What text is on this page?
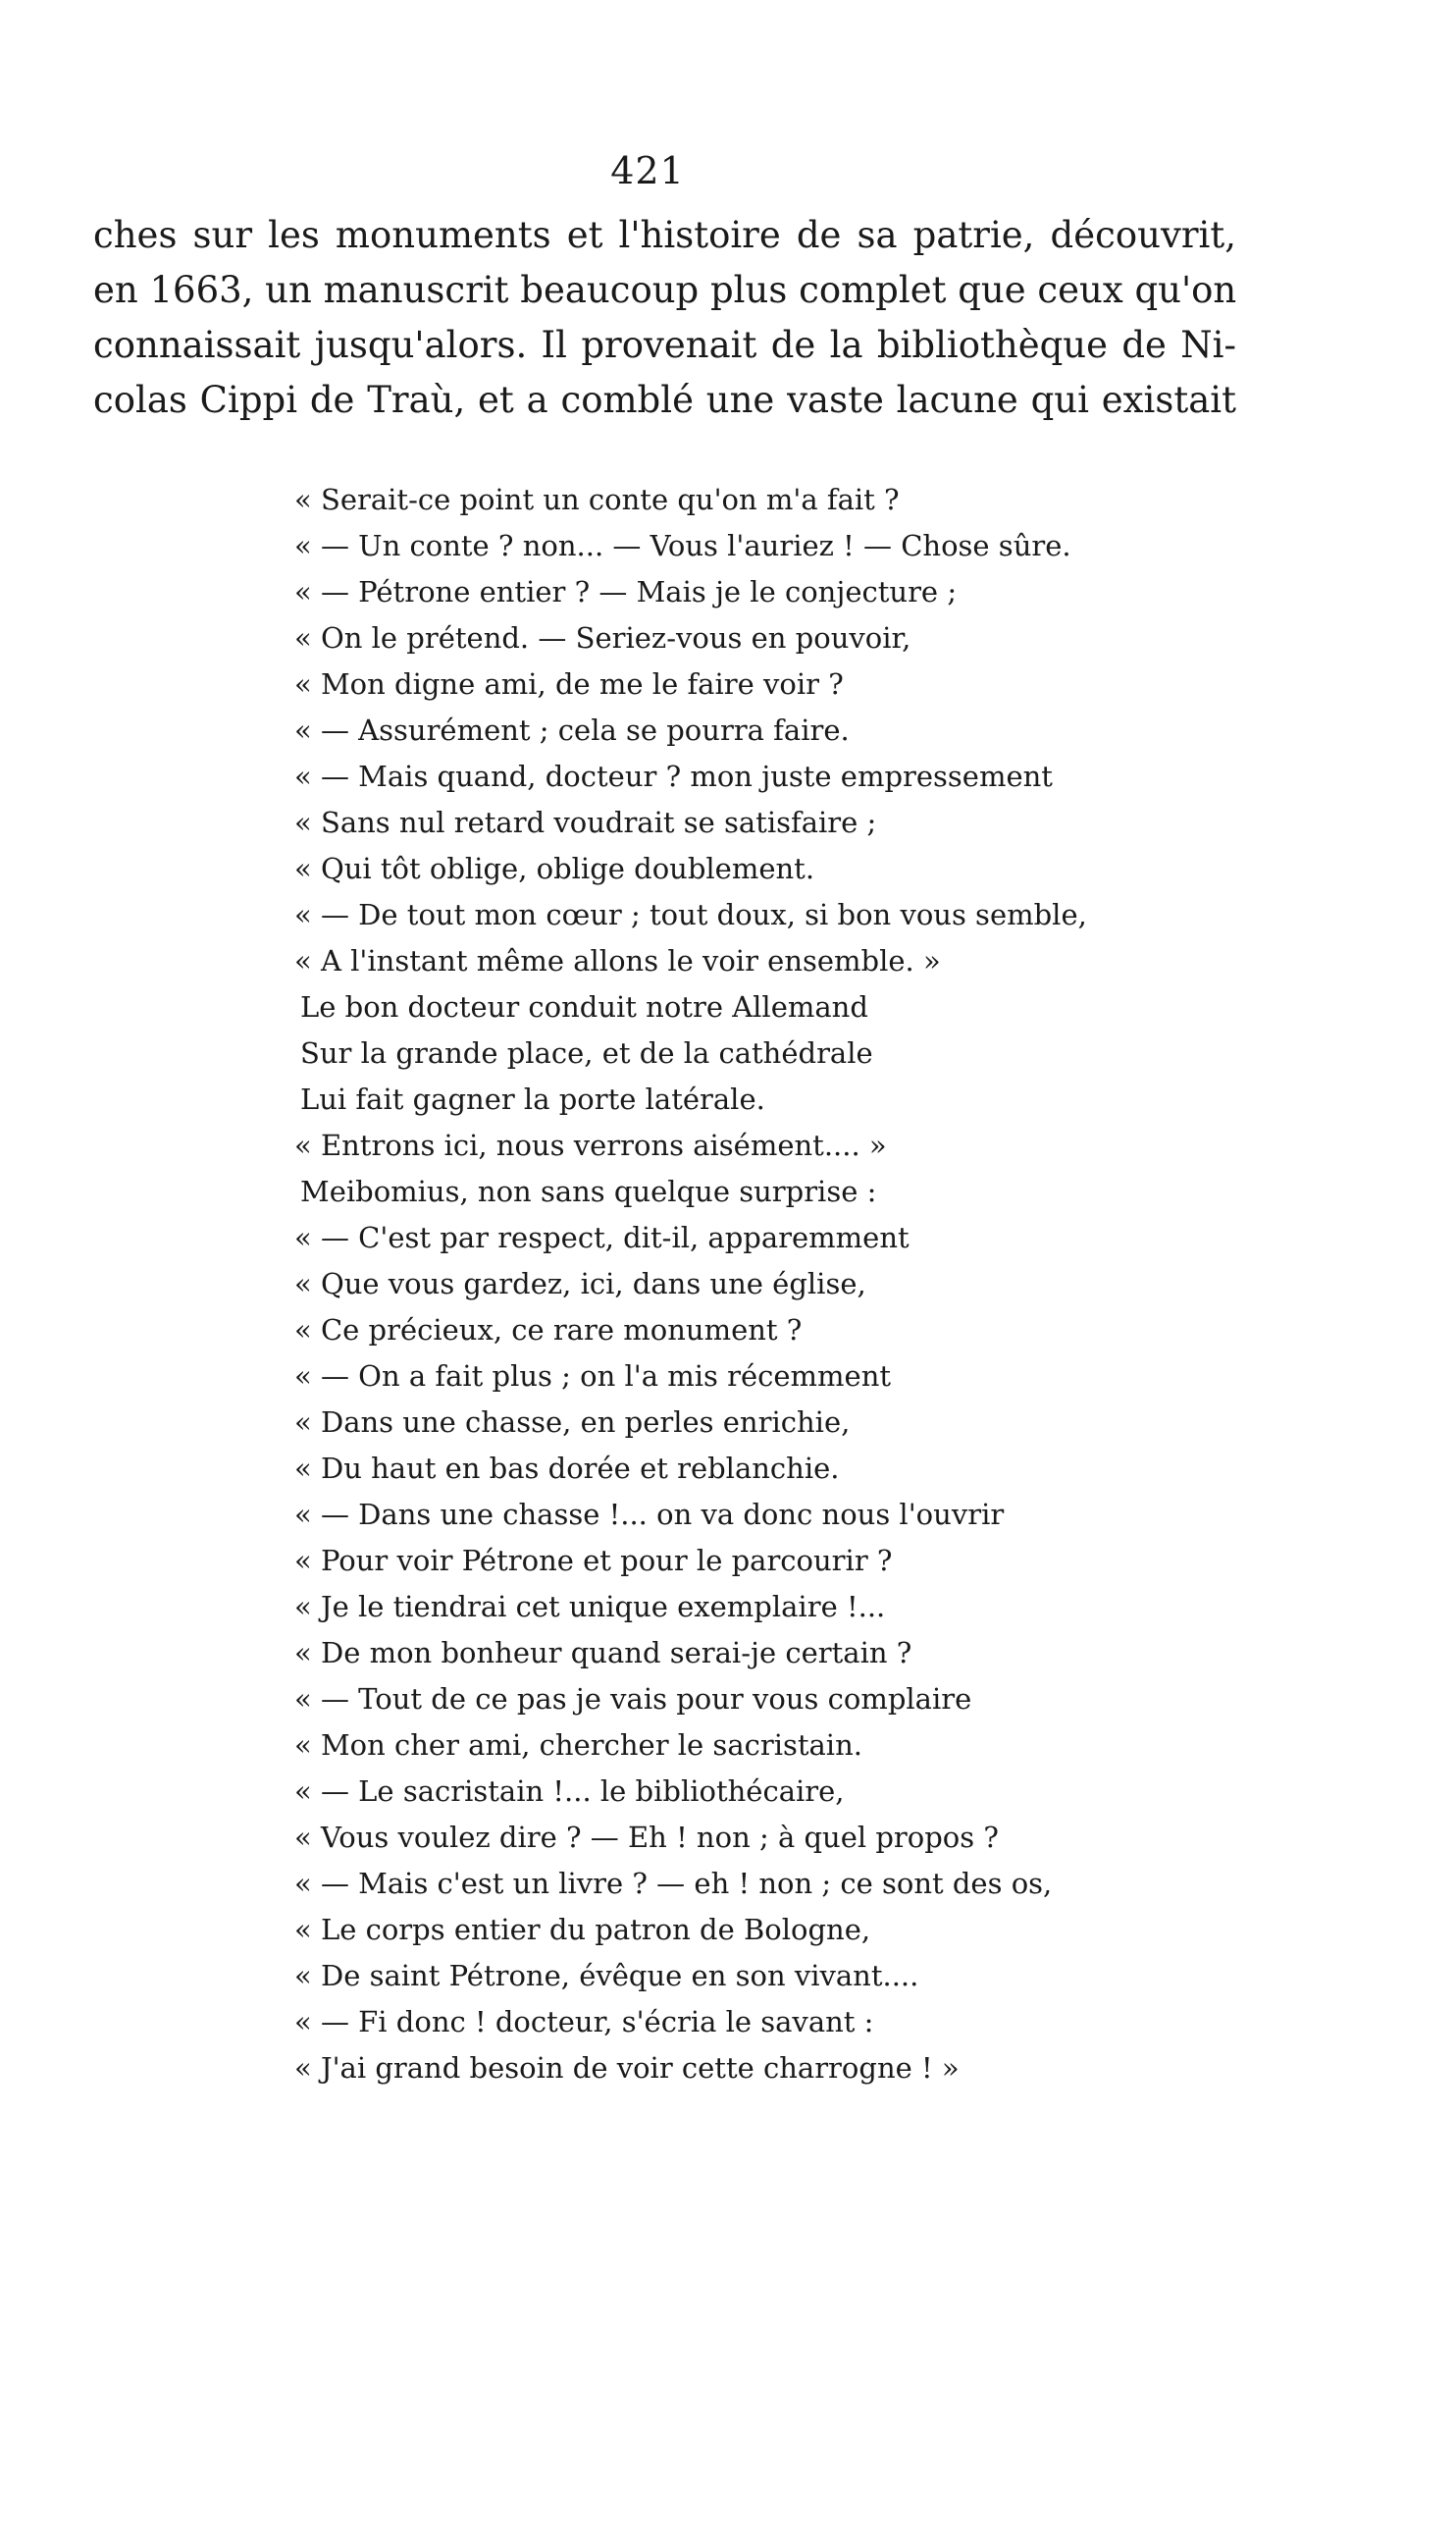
421
ches sur les monuments et l'histoire de sa patrie, découvrit,
en 1663, un manuscrit beaucoup plus complet que ceux qu'on
connaissait jusqu'alors. Il provenait de la bibliothèque de Ni-
colas Cippi de Traù, et a comblé une vaste lacune qui existait
« Serait-ce point un conte qu'on m'a fait ?
« — Un conte ? non... — Vous l'auriez ! — Chose sûre.
« — Pétrone entier ? — Mais je le conjecture ;
« On le prétend. — Seriez-vous en pouvoir,
« Mon digne ami, de me le faire voir ?
« — Assurément ; cela se pourra faire.
« — Mais quand, docteur ? mon juste empressement
« Sans nul retard voudrait se satisfaire ;
« Qui tôt oblige, oblige doublement.
« — De tout mon cœur ; tout doux, si bon vous semble,
« A l'instant même allons le voir ensemble. »
Le bon docteur conduit notre Allemand
Sur la grande place, et de la cathédrale
Lui fait gagner la porte latérale.
« Entrons ici, nous verrons aisément.... »
Meibomius, non sans quelque surprise :
« — C'est par respect, dit-il, apparemment
« Que vous gardez, ici, dans une église,
« Ce précieux, ce rare monument ?
« — On a fait plus ; on l'a mis récemment
« Dans une chasse, en perles enrichie,
« Du haut en bas dorée et reblanchie.
« — Dans une chasse !... on va donc nous l'ouvrir
« Pour voir Pétrone et pour le parcourir ?
« Je le tiendrai cet unique exemplaire !...
« De mon bonheur quand serai-je certain ?
« — Tout de ce pas je vais pour vous complaire
« Mon cher ami, chercher le sacristain.
« — Le sacristain !... le bibliothécaire,
« Vous voulez dire ? — Eh ! non ; à quel propos ?
« — Mais c'est un livre ? — eh ! non ; ce sont des os,
« Le corps entier du patron de Bologne,
« De saint Pétrone, évêque en son vivant....
« — Fi donc ! docteur, s'écria le savant :
« J'ai grand besoin de voir cette charrogne ! »
